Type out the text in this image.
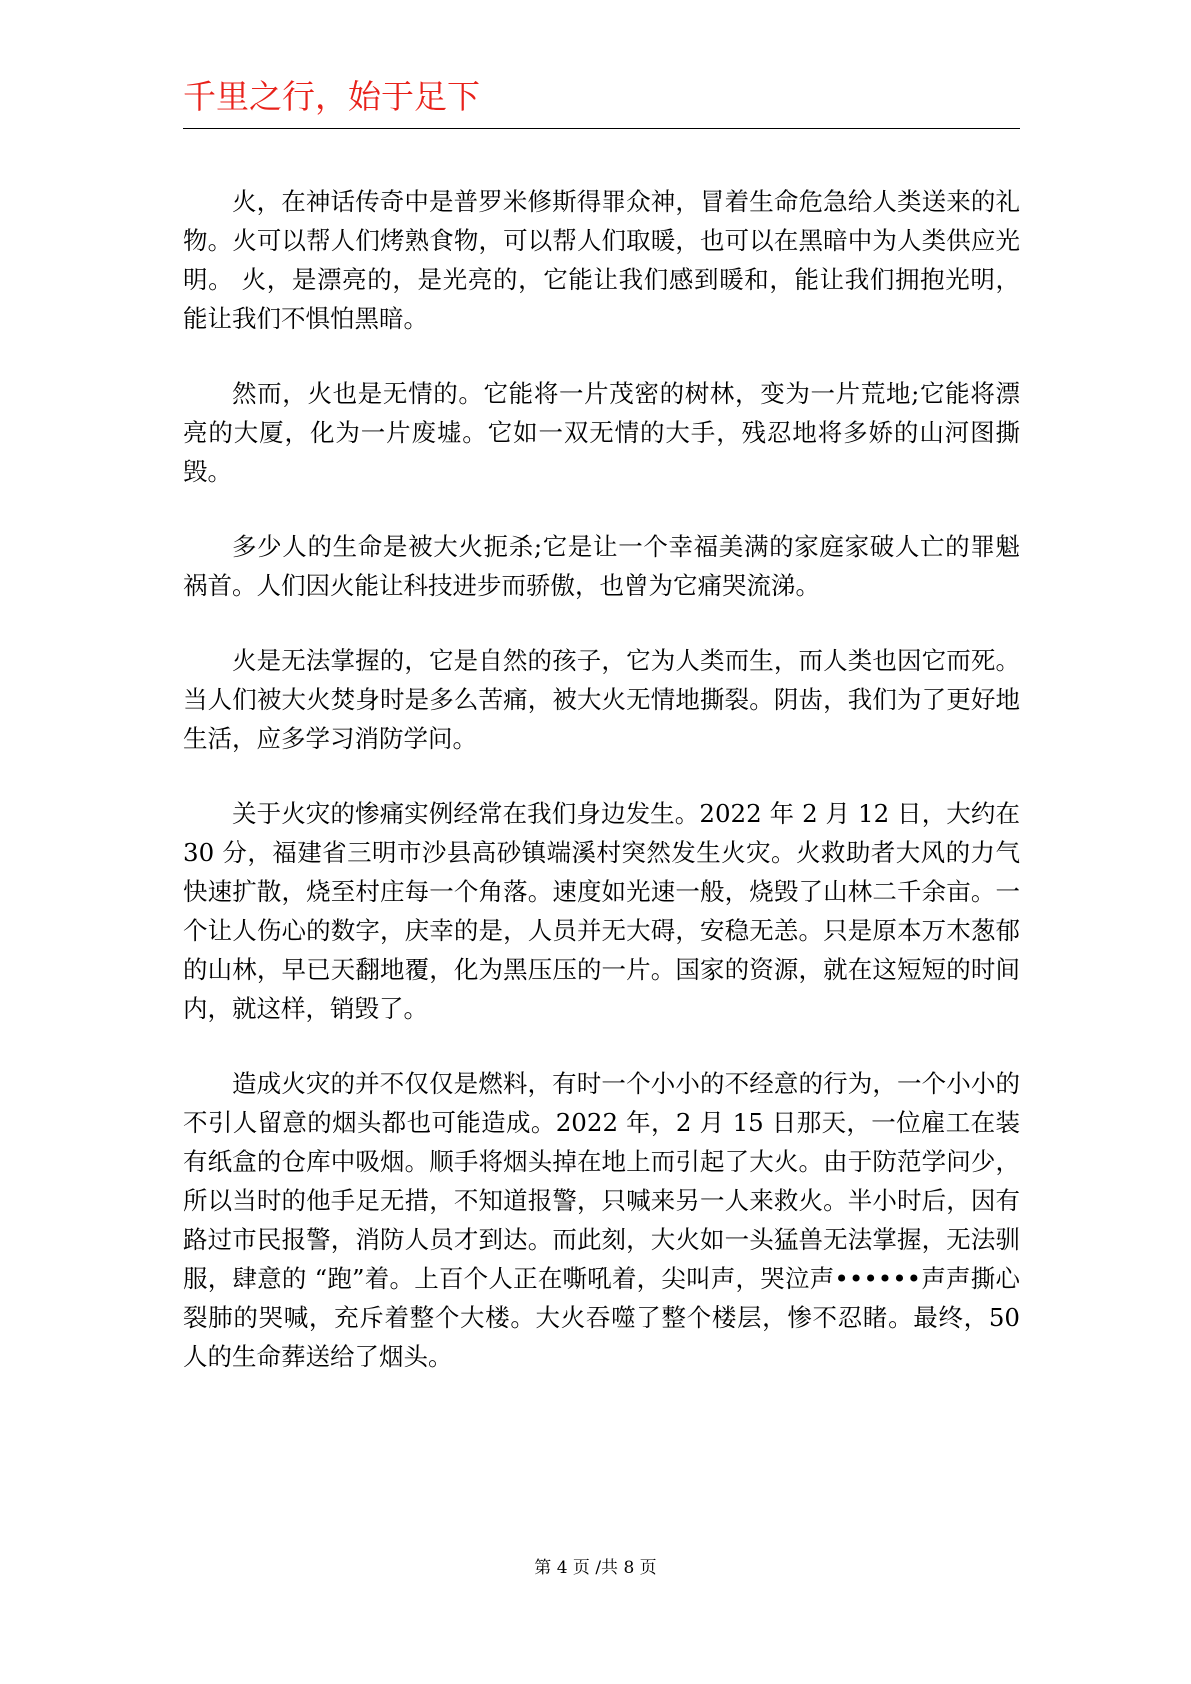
千里之行，始于足下

火，在神话传奇中是普罗米修斯得罪众神，冒着生命危急给人类送来的礼物。火可以帮人们烤熟食物，可以帮人们取暖，也可以在黑暗中为人类供应光明。 火，是漂亮的，是光亮的，它能让我们感到暖和，能让我们拥抱光明，能让我们不惧怕黑暗。

然而，火也是无情的。它能将一片茂密的树林，变为一片荒地;它能将漂亮的大厦，化为一片废墟。它如一双无情的大手，残忍地将多娇的山河图撕毁。

多少人的生命是被大火扼杀;它是让一个幸福美满的家庭家破人亡的罪魁祸首。人们因火能让科技进步而骄傲，也曾为它痛哭流涕。

火是无法掌握的，它是自然的孩子，它为人类而生，而人类也因它而死。当人们被大火焚身时是多么苦痛，被大火无情地撕裂。阴齿，我们为了更好地生活，应多学习消防学问。

关于火灾的惨痛实例经常在我们身边发生。2022 年 2 月 12 日，大约在 30 分，福建省三明市沙县高砂镇端溪村突然发生火灾。火救助者大风的力气快速扩散，烧至村庄每一个角落。速度如光速一般，烧毁了山林二千余亩。一个让人伤心的数字，庆幸的是，人员并无大碍，安稳无恙。只是原本万木葱郁的山林，早已天翻地覆，化为黑压压的一片。国家的资源，就在这短短的时间内，就这样，销毁了。

造成火灾的并不仅仅是燃料，有时一个小小的不经意的行为，一个小小的不引人留意的烟头都也可能造成。2022 年，2 月 15 日那天，一位雇工在装有纸盒的仓库中吸烟。顺手将烟头掉在地上而引起了大火。由于防范学问少，所以当时的他手足无措，不知道报警，只喊来另一人来救火。半小时后，因有路过市民报警，消防人员才到达。而此刻，大火如一头猛兽无法掌握，无法驯服，肆意的 “跑”着。上百个人正在嘶吼着，尖叫声，哭泣声••••••声声撕心裂肺的哭喊，充斥着整个大楼。大火吞噬了整个楼层，惨不忍睹。最终，50 人的生命葬送给了烟头。

第 4 页 /共 8 页
